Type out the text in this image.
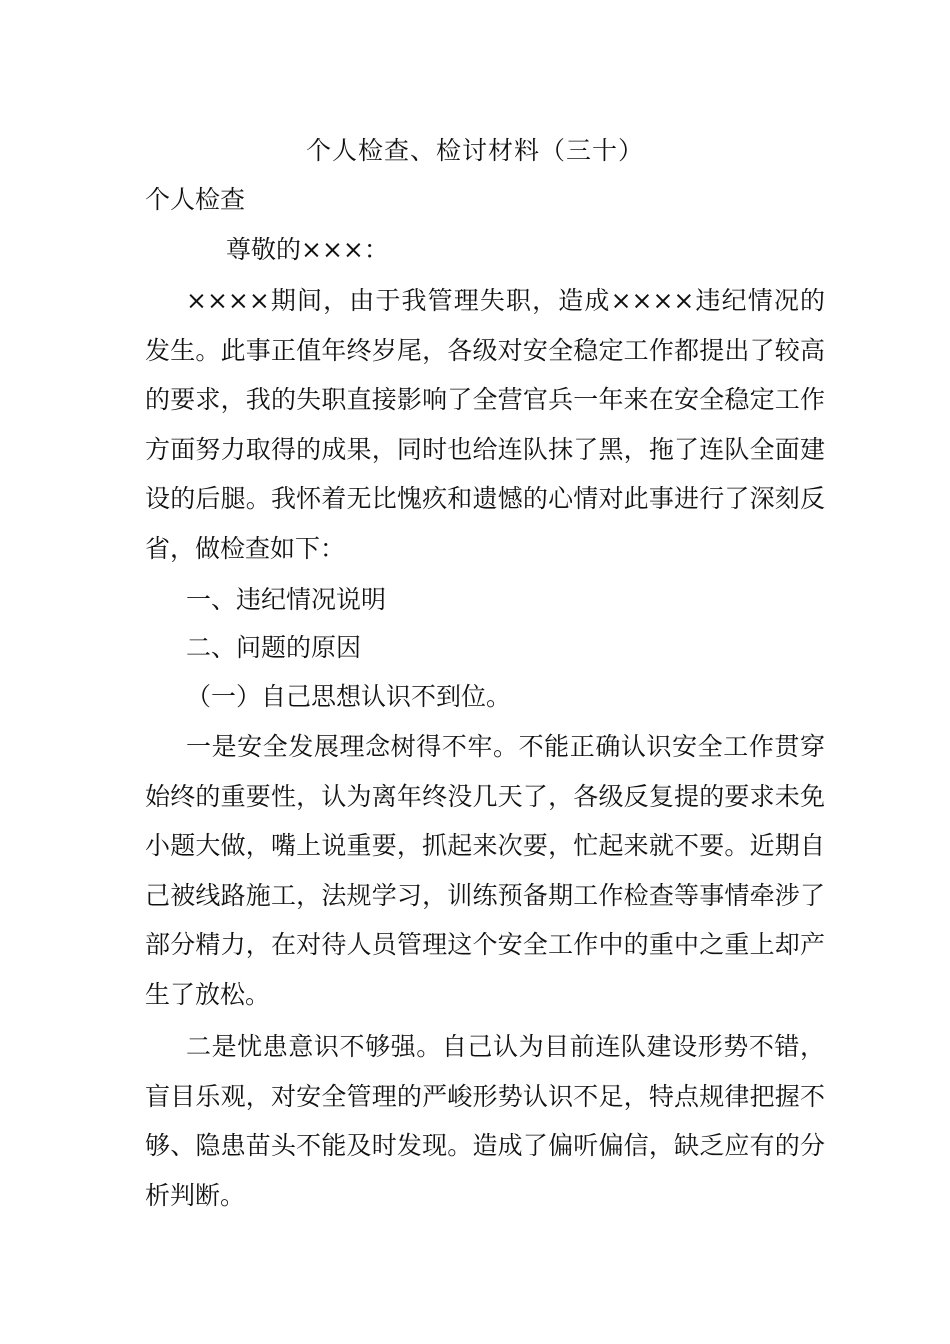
个人检查、检讨材料（三十）
个人检查
尊敬的×××：

××××期间，由于我管理失职，造成××××违纪情况的发生。此事正值年终岁尾，各级对安全稳定工作都提出了较高的要求，我的失职直接影响了全营官兵一年来在安全稳定工作方面努力取得的成果，同时也给连队抹了黑，拖了连队全面建设的后腿。我怀着无比愧疚和遗憾的心情对此事进行了深刻反省，做检查如下：

一、违纪情况说明
二、问题的原因
（一）自己思想认识不到位。

一是安全发展理念树得不牢。不能正确认识安全工作贯穿始终的重要性，认为离年终没几天了，各级反复提的要求未免小题大做，嘴上说重要，抓起来次要，忙起来就不要。近期自己被线路施工，法规学习，训练预备期工作检查等事情牵涉了部分精力，在对待人员管理这个安全工作中的重中之重上却产生了放松。

二是忧患意识不够强。自己认为目前连队建设形势不错，盲目乐观，对安全管理的严峻形势认识不足，特点规律把握不够、隐患苗头不能及时发现。造成了偏听偏信，缺乏应有的分析判断。
